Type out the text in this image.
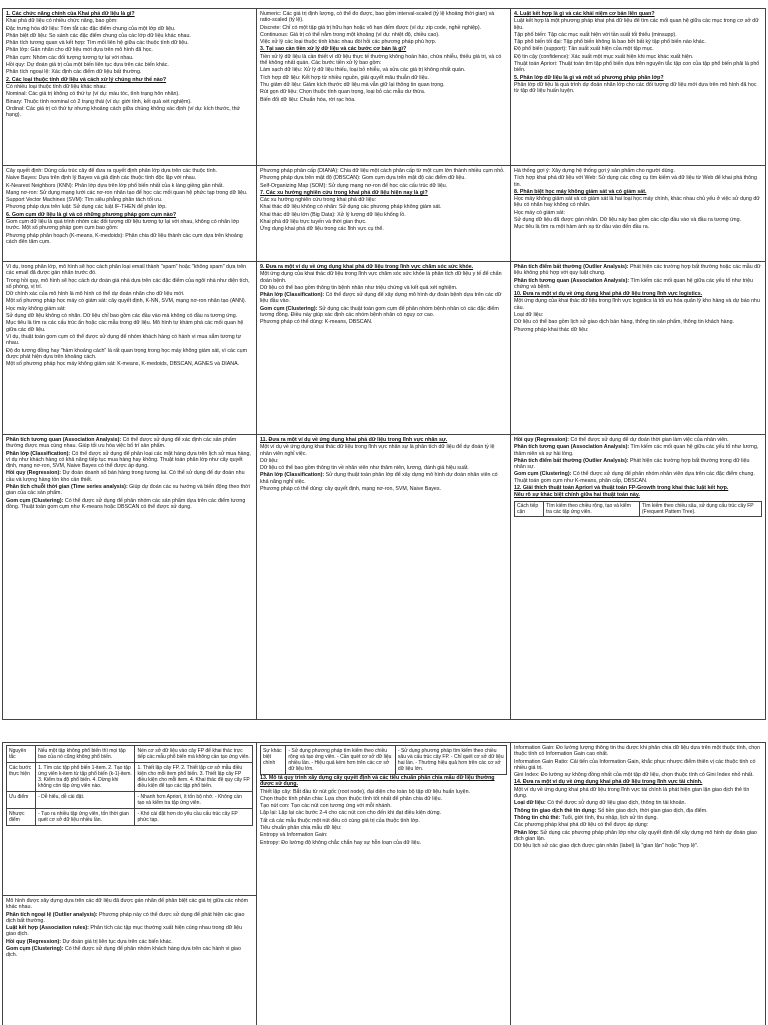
1. Các chức năng chính của Khai phá dữ liệu là gì?

Khai phá dữ liệu có nhiều chức năng, bao gồm:

Đặc trưng hóa dữ liệu: Tóm tắt các đặc điểm chung của một lớp dữ liệu.

Phân biệt dữ liệu: So sánh các đặc điểm chung của các lớp dữ liệu khác nhau.

Phân tích tương quan và kết hợp: Tìm mối liên hệ giữa các thuộc tính dữ liệu.

Phân lớp: Gán nhãn cho dữ liệu mới dựa trên mô hình đã học.

Phân cụm: Nhóm các đối tượng tương tự lại với nhau.

Hồi quy: Dự đoán giá trị của một biến liên tục dựa trên các biến khác.

Phân tích ngoại lệ: Xác định các điểm dữ liệu bất thường.

2. Các loại thuộc tính dữ liệu và cách xử lý chúng như thế nào?

Có nhiều loại thuộc tính dữ liệu khác nhau:

Nominal: Các giá trị không có thứ tự (ví dụ: màu tóc, tình trạng hôn nhân).

Binary: Thuộc tính nominal có 2 trạng thái (ví dụ: giới tính, kết quả xét nghiệm).

Ordinal: Các giá trị có thứ tự nhưng khoảng cách giữa chúng không xác định (ví dụ: kích thước, thứ hạng).

Cây quyết định: Dùng cấu trúc cây để đưa ra quyết định phân lớp dựa trên các thuộc tính.

Naive Bayes: Dựa trên định lý Bayes và giả định các thuộc tính độc lập với nhau.

K-Nearest Neighbors (KNN): Phân lớp dựa trên lớp phổ biến nhất của k láng giềng gần nhất.

Mạng nơ-ron: Sử dụng mạng lưới các nơ-ron nhân tạo để học các mối quan hệ phức tạp trong dữ liệu.

Support Vector Machines (SVM): Tìm siêu phẳng phân tách tối ưu.

Phương pháp dựa trên luật: Sử dụng các luật IF-THEN để phân lớp.

6. Gom cụm dữ liệu là gì và có những phương pháp gom cụm nào?

Gom cụm dữ liệu là quá trình nhóm các đối tượng dữ liệu tương tự lại với nhau, không có nhãn lớp trước. Một số phương pháp gom cụm bao gồm:

Phương pháp phân hoạch (K-means, K-medoids): Phân chia dữ liệu thành các cụm dựa trên khoảng cách đến tâm cụm.

Ví dụ, trong phân lớp, mô hình sẽ học cách phân loại email thành "spam" hoặc "không spam" dựa trên các email đã được gán nhãn trước đó.

Trong hồi quy, mô hình sẽ học cách dự đoán giá nhà dựa trên các đặc điểm của ngôi nhà như diện tích, số phòng, vị trí.

Dữ chính xác của mô hình là mô hình có thể dự đoán nhãn cho dữ liệu mới.

Một số phương pháp học máy có giám sát: cây quyết định, K-NN, SVM, mạng nơ-ron nhân tạo (ANN).

Học máy không giám sát:

Sử dụng dữ liệu không có nhãn. Dữ liệu chỉ bao gồm các đầu vào mà không có đầu ra tương ứng.

Mục tiêu là tìm ra các cấu trúc ẩn hoặc các mẫu trong dữ liệu. Mô hình tự khám phá các mối quan hệ giữa các dữ liệu.

Ví dụ, thuật toán gom cụm có thể được sử dụng để nhóm khách hàng có hành vi mua sắm tương tự nhau.

Độ đo tương đồng hay "hàm khoảng cách" là rất quan trọng trong học máy không giám sát, vì các cụm được phát hiện dựa trên khoảng cách.

Một số phương pháp học máy không giám sát: K-means, K-medoids, DBSCAN, AGNES và DIANA.

Phân tích tương quan (Association Analysis): Có thể được sử dụng để xác định các sản phẩm thường được mua cùng nhau. Giúp tối ưu hóa việc bố trí sản phẩm.

Phân lớp (Classification): Có thể được sử dụng để phân loại các mặt hàng dựa trên lịch sử mua hàng, ví dụ như khách hàng có khả năng tiếp tục mua hàng hay không. Thuật toán phân lớp như cây quyết định, mạng nơ-ron, SVM, Naive Bayes có thể được áp dụng.

Hồi quy (Regression): Dự đoán doanh số bán hàng trong tương lai. Có thể sử dụng để dự đoán nhu cầu và lượng hàng tồn kho cần thiết.

Phân tích chuỗi thời gian (Time series analysis): Giúp dự đoán các xu hướng và biến động theo thời gian của các sản phẩm.

Gom cụm (Clustering): Có thể được sử dụng để phân nhóm các sản phẩm dựa trên các điểm tương đồng. Thuật toán gom cụm như K-means hoặc DBSCAN có thể được sử dụng.

Numeric: Các giá trị định lượng, có thể đo được, bao gồm interval-scaled (tỷ lệ khoảng thời gian) và ratio-scaled (tỷ lệ).

Discrete: Chỉ có một tập giá trị hữu hạn hoặc vô hạn đếm được (ví dụ: zip code, nghề nghiệp).

Continuous: Giá trị có thể nằm trong một khoảng (ví dụ: nhiệt độ, chiều cao).

Việc xử lý các loại thuộc tính khác nhau đòi hỏi các phương pháp phù hợp.

3. Tại sao cần tiền xử lý dữ liệu và các bước cơ bản là gì?

Tiền xử lý dữ liệu là cần thiết vì dữ liệu thực tế thường không hoàn hảo, chứa nhiễu, thiếu giá trị, và có thể không nhất quán. Các bước tiền xử lý bao gồm:

Làm sạch dữ liệu: Xử lý dữ liệu thiếu, loại bỏ nhiễu, và sửa các giá trị không nhất quán.

Tích hợp dữ liệu: Kết hợp từ nhiều nguồn, giải quyết mâu thuẫn dữ liệu.

Thu giảm dữ liệu: Giảm kích thước dữ liệu mà vẫn giữ lại thông tin quan trọng.

Rút gọn dữ liệu: Chọn thuộc tính quan trọng, loại bỏ các mẫu dư thừa.

Biến đổi dữ liệu: Chuẩn hóa, rời rạc hóa.

Phương pháp phân cấp (DIANA): Chia dữ liệu một cách phân cấp từ một cụm lớn thành nhiều cụm nhỏ.

Phương pháp dựa trên mật độ (DBSCAN): Gom cụm dựa trên mật độ các điểm dữ liệu.

Self-Organizing Map (SOM): Sử dụng mạng nơ-ron để học các cấu trúc dữ liệu.

7. Các xu hướng nghiên cứu trong khai phá dữ liệu hiện nay là gì?

Các xu hướng nghiên cứu trong khai phá dữ liệu:

Khai thác dữ liệu không có nhãn: Sử dụng các phương pháp không giám sát.

Khai thác dữ liệu lớn (Big Data): Xử lý lượng dữ liệu khổng lồ.

Khai phá dữ liệu trực tuyến và thời gian thực.

Ứng dụng khai phá dữ liệu trong các lĩnh vực cụ thể.

9. Đưa ra một ví dụ về ứng dụng khai phá dữ liệu trong lĩnh vực chăm sóc sức khỏe.

Một ứng dụng của khai thác dữ liệu trong lĩnh vực chăm sóc sức khỏe là phân tích dữ liệu y tế để chẩn đoán bệnh.

Dữ liệu có thể bao gồm thông tin bệnh nhân như triệu chứng và kết quả xét nghiệm.

Phân lớp (Classification): Có thể được sử dụng để xây dựng mô hình dự đoán bệnh dựa trên các dữ liệu đầu vào.

Gom cụm (Clustering): Sử dụng các thuật toán gom cụm để phân nhóm bệnh nhân có các đặc điểm tương đồng. Điều này giúp xác định các nhóm bệnh nhân có nguy cơ cao.

Phương pháp có thể dùng: K-means, DBSCAN.

11. Đưa ra một ví dụ về ứng dụng khai phá dữ liệu trong lĩnh vực nhân sự.

Một ví dụ về ứng dụng khai thác dữ liệu trong lĩnh vực nhân sự là phân tích dữ liệu để dự đoán tỷ lệ nhân viên nghỉ việc.

Dữ liệu:

Dữ liệu có thể bao gồm thông tin về nhân viên như thâm niên, lương, đánh giá hiệu suất.

Phân lớp (Classification): Sử dụng thuật toán phân lớp để xây dựng mô hình dự đoán nhân viên có khả năng nghỉ việc.

Phương pháp có thể dùng: cây quyết định, mạng nơ-ron, SVM, Naive Bayes.

4. Luật kết hợp là gì và các khái niệm cơ bản liên quan?

Luật kết hợp là một phương pháp khai phá dữ liệu để tìm các mối quan hệ giữa các mục trong cơ sở dữ liệu.

Tập phổ biến: Tập các mục xuất hiện với tần suất tối thiểu (minsupp).

Tập phổ biến tối đại: Tập phổ biến không là bao bởi bất kỳ tập phổ biến nào khác.

Độ phổ biến (support): Tần suất xuất hiện của một tập mục.

Độ tin cậy (confidence): Xác suất một mục xuất hiện khi mục khác xuất hiện.

Thuật toán Apriori: Thuật toán tìm tập phổ biến dựa trên nguyên tắc tập con của tập phổ biến phải là phổ biến.

5. Phân lớp dữ liệu là gì và một số phương pháp phân lớp?

Phân lớp dữ liệu là quá trình dự đoán nhãn lớp cho các đối tượng dữ liệu mới dựa trên mô hình đã học từ tập dữ liệu huấn luyện.

Hà thống gợi ý: Xây dựng hệ thống gợi ý sản phẩm cho người dùng.

Tích hợp khai phá dữ liệu với Web: Sử dụng các công cụ tìm kiếm và dữ liệu từ Web để khai phá thông tin.

8. Phân biệt học máy không giám sát và có giám sát.

Học máy không giám sát và có giám sát là hai loại học máy chính, khác nhau chủ yếu ở việc sử dụng dữ liệu có nhãn hay không có nhãn.

Học máy có giám sát:

Sử dụng dữ liệu đã được gán nhãn. Dữ liệu này bao gồm các cặp đầu vào và đầu ra tương ứng.

Mục tiêu là tìm ra một hàm ánh xạ từ đầu vào đến đầu ra.

Phân tích điểm bất thường (Outlier Analysis): Phát hiện các trường hợp bất thường hoặc các mẫu dữ liệu không phù hợp với quy luật chung.

Phân tích tương quan (Association Analysis): Tìm kiếm các mối quan hệ giữa các yếu tố như triệu chứng và bệnh.

10. Đưa ra một ví dụ về ứng dụng khai phá dữ liệu trong lĩnh vực logistics.

Một ứng dụng của khai thác dữ liệu trong lĩnh vực logistics là tối ưu hóa quản lý kho hàng và dự báo nhu cầu.

Loại dữ liệu:

Dữ liệu có thể bao gồm lịch sử giao dịch bán hàng, thông tin sản phẩm, thông tin khách hàng.

Phương pháp khai thác dữ liệu:

Hồi quy (Regression): Có thể được sử dụng để dự đoán thời gian làm việc của nhân viên.

Phân tích tương quan (Association Analysis): Tìm kiếm các mối quan hệ giữa các yếu tố như lương, thâm niên và sự hài lòng.

Phân tích điểm bất thường (Outlier Analysis): Phát hiện các trường hợp bất thường trong dữ liệu nhân sự.

Gom cụm (Clustering): Có thể được sử dụng để phân nhóm nhân viên dựa trên các đặc điểm chung. Thuật toán gom cụm như K-means, phân cấp, DBSCAN.

12. Giải thích thuật toán Apriori và thuật toán FP-Growth trong khai thác luật kết hợp.

Nêu rõ sự khác biệt chính giữa hai thuật toán này.

Cách tiếp cận	Tìm kiếm theo chiều rộng, tạo và kiểm tra các tập ứng viên.	Tìm kiếm theo chiều sâu, sử dụng cấu trúc cây FP (Frequent Pattern Tree).
Nguyên tắc	Nếu một tập không phổ biến thì mọi tập bao của nó cũng không phổ biến.	Nén cơ sở dữ liệu vào cây FP để khai thác trực tiếp các mẫu phổ biến mà không cần tạo ứng viên.
Các bước thực hiện	1. Tìm các tập phổ biến 1-item. 2. Tạo tập ứng viên k-item từ tập phổ biến (k-1)-item. 3. Kiểm tra độ phổ biến. 4. Dừng khi không còn tập ứng viên nào.	1. Thiết lập cây FP. 2. Thiết lập cơ sở mẫu điều kiện cho mỗi item phổ biến. 3. Thiết lập cây FP điều kiện cho mỗi item. 4. Khai thác đệ quy cây FP điều kiện để tạo các tập phổ biến.
Ưu điểm	- Dễ hiểu, dễ cài đặt.	- Nhanh hơn Apriori, ít tốn bộ nhớ. - Không cần tạo và kiểm tra tập ứng viên.
Nhược điểm	- Tạo ra nhiều tập ứng viên, tốn thời gian quét cơ sở dữ liệu nhiều lần.	- Khó cài đặt hơn do yêu cầu cấu trúc cây FP phức tạp.

Mô hình được xây dựng dựa trên các dữ liệu đã được gán nhãn để phân biệt các giá trị giữa các nhóm khác nhau.

Phân tích ngoại lệ (Outlier analysis): Phương pháp này có thể được sử dụng để phát hiện các giao dịch bất thường.

Luật kết hợp (Association rules): Phân tích các tập mục thường xuất hiện cùng nhau trong dữ liệu giao dịch.

Hồi quy (Regression): Dự đoán giá trị liên tục dựa trên các biến khác.

Gom cụm (Clustering): Có thể được sử dụng để phân nhóm khách hàng dựa trên các hành vi giao dịch.

Sự khác biệt chính	- Sử dụng phương pháp tìm kiếm theo chiều rộng và tạo ứng viên. - Cần quét cơ sở dữ liệu nhiều lần. - Hiệu quả kém hơn trên các cơ sở dữ liệu lớn.	- Sử dụng phương pháp tìm kiếm theo chiều sâu và cấu trúc cây FP. - Chỉ quét cơ sở dữ liệu hai lần. - Thường hiệu quả hơn trên các cơ sở dữ liệu lớn.

13. Mô tả quy trình xây dựng cây quyết định và các tiêu chuẩn phân chia mẫu dữ liệu thường được sử dụng.

Thiết lập cây: Bắt đầu từ nút gốc (root node), đại diện cho toàn bộ tập dữ liệu huấn luyện.

Chọn thuộc tính phân chia: Lựa chọn thuộc tính tốt nhất để phân chia dữ liệu.

Tạo nút con: Tạo các nút con tương ứng với mỗi nhánh.

Lặp lại: Lặp lại các bước 2-4 cho các nút con cho đến khi đạt điều kiện dừng.

Tất cả các mẫu thuộc một nút đều có cùng giá trị của thuộc tính lớp.

Tiêu chuẩn phân chia mẫu dữ liệu:

Entropy và Information Gain:

Entropy: Đo lường độ không chắc chắn hay sự hỗn loạn của dữ liệu.

Information Gain: Đo lường lượng thông tin thu được khi phân chia dữ liệu dựa trên một thuộc tính, chọn thuộc tính có Information Gain cao nhất.

Information Gain Ratio: Cải tiến của Information Gain, khắc phục nhược điểm thiên vị các thuộc tính có nhiều giá trị.

Gini Index: Đo lường sự không đồng nhất của một tập dữ liệu, chọn thuộc tính có Gini Index nhỏ nhất.

14. Đưa ra một ví dụ về ứng dụng khai phá dữ liệu trong lĩnh vực tài chính.

Một ví dụ về ứng dụng khai phá dữ liệu trong lĩnh vực tài chính là phát hiện gian lận giao dịch thẻ tín dụng.

Loại dữ liệu: Có thể được sử dụng dữ liệu giao dịch, thông tin tài khoản.

Thông tin giao dịch thẻ tín dụng: Số tiền giao dịch, thời gian giao dịch, địa điểm.

Thông tin chủ thẻ: Tuổi, giới tính, thu nhập, lịch sử tín dụng.

Các phương pháp khai phá dữ liệu có thể được áp dụng:

Phân lớp: Sử dụng các phương pháp phân lớp như cây quyết định để xây dựng mô hình dự đoán giao dịch gian lận.

Dữ liệu lịch sử các giao dịch được gán nhãn (label) là "gian lận" hoặc "hợp lệ".
